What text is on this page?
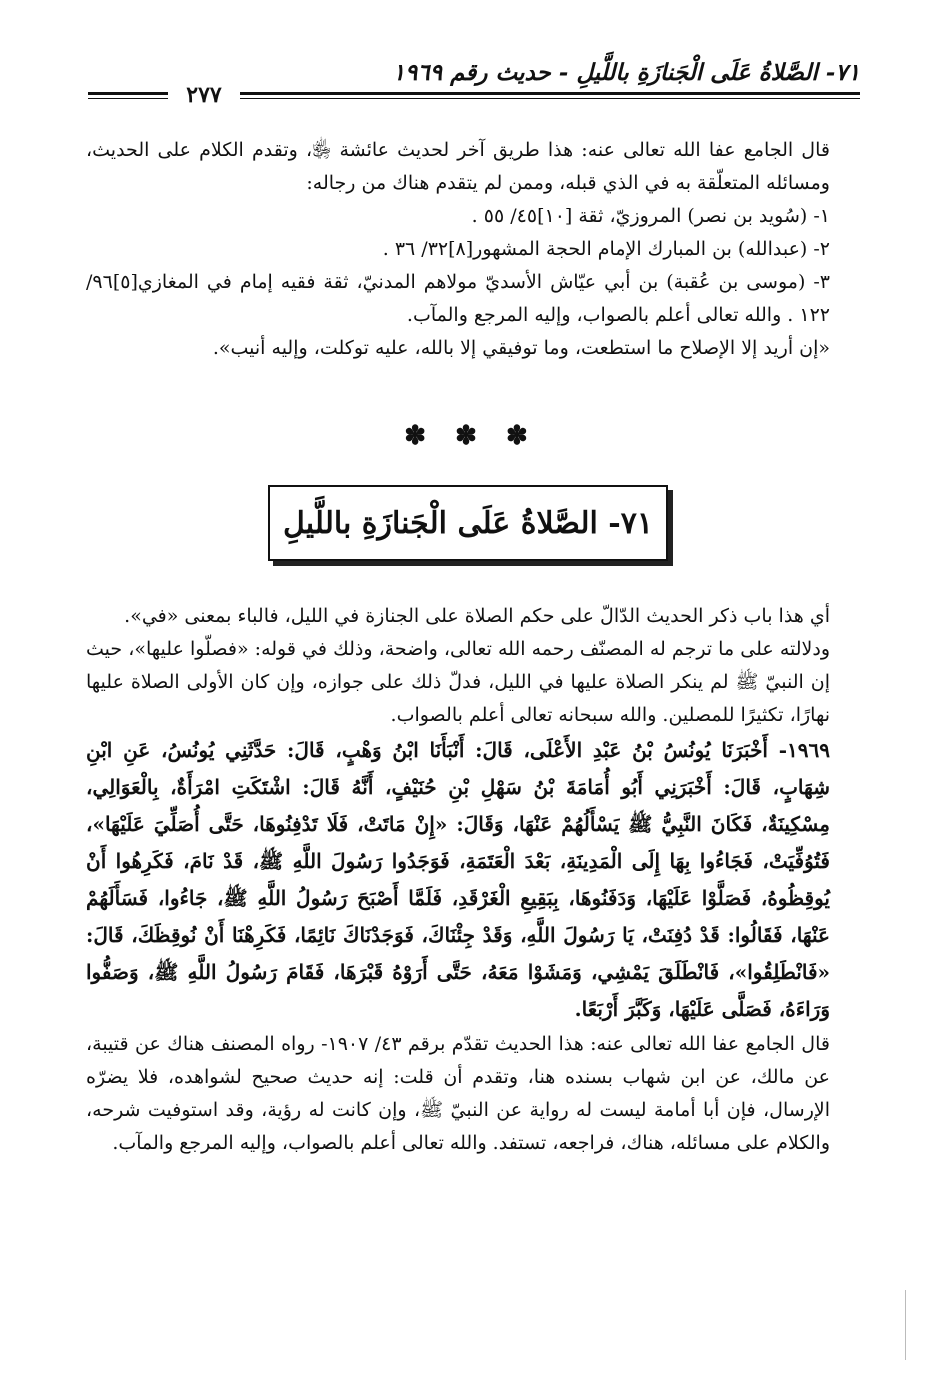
٧١- الصَّلاةُ عَلَى الْجَنازَةِ باللَّيلِ - حديث رقم ١٩٦٩
٢٧٧

قال الجامع عفا الله تعالى عنه: هذا طريق آخر لحديث عائشة ﵂، وتقدم الكلام على الحديث، ومسائله المتعلّقة به في الذي قبله، وممن لم يتقدم هناك من رجاله:

١- (سُويد بن نصر) المروزيّ، ثقة [١٠]٤٥/ ٥٥ .

٢- (عبدالله) بن المبارك الإمام الحجة المشهور[٨]٣٢/ ٣٦ .

٣- (موسى بن عُقبة) بن أبي عيّاش الأسديّ مولاهم المدنيّ، ثقة فقيه إمام في المغازي[٥]٩٦/ ١٢٢ . والله تعالى أعلم بالصواب، وإليه المرجع والمآب.

«إن أريد إلا الإصلاح ما استطعت، وما توفيقي إلا بالله، عليه توكلت، وإليه أنيب».

✽ ✽ ✽
٧١- الصَّلاةُ عَلَى الْجَنازَةِ باللَّيلِ

أي هذا باب ذكر الحديث الدّالّ على حكم الصلاة على الجنازة في الليل، فالباء بمعنى «في».

ودلالته على ما ترجم له المصنّف رحمه الله تعالى، واضحة، وذلك في قوله: «فصلّوا عليها»، حيث إن النبيّ ﷺ لم ينكر الصلاة عليها في الليل، فدلّ ذلك على جوازه، وإن كان الأولى الصلاة عليها نهارًا، تكثيرًا للمصلين. والله سبحانه تعالى أعلم بالصواب.

١٩٦٩- أَخْبَرَنَا يُونُسُ بْنُ عَبْدِ الأَعْلَى، قَالَ: أَنْبَأَنَا ابْنُ وَهْبٍ، قَالَ: حَدَّثَنِي يُونُسُ، عَنِ ابْنِ شِهَابٍ، قَالَ: أَخْبَرَنِي أَبُو أُمَامَةَ بْنُ سَهْلِ بْنِ حُنَيْفٍ، أَنَّهُ قَالَ: اشْتَكَتِ امْرَأَةٌ، بِالْعَوَالِي، مِسْكِينَةٌ، فَكَانَ النَّبِيُّ ﷺ يَسْأَلُهُمْ عَنْهَا، وَقَالَ: «إِنْ مَاتَتْ، فَلَا تَدْفِنُوهَا، حَتَّى أُصَلِّيَ عَلَيْهَا»، فَتُوُفِّيَتْ، فَجَاءُوا بِهَا إِلَى الْمَدِينَةِ، بَعْدَ الْعَتَمَةِ، فَوَجَدُوا رَسُولَ اللَّهِ ﷺ، قَدْ نَامَ، فَكَرِهُوا أَنْ يُوقِظُوهُ، فَصَلَّوْا عَلَيْهَا، وَدَفَنُوهَا، بِبَقِيعِ الْغَرْقَدِ، فَلَمَّا أَصْبَحَ رَسُولُ اللَّهِ ﷺ، جَاءُوا، فَسَأَلَهُمْ عَنْهَا، فَقَالُوا: قَدْ دُفِنَتْ، يَا رَسُولَ اللَّهِ، وَقَدْ جِئْنَاكَ، فَوَجَدْنَاكَ نَائِمًا، فَكَرِهْنَا أَنْ نُوقِظَكَ، قَالَ: «فَانْطَلِقُوا»، فَانْطَلَقَ يَمْشِي، وَمَشَوْا مَعَهُ، حَتَّى أَرَوْهُ قَبْرَهَا، فَقَامَ رَسُولُ اللَّهِ ﷺ، وَصَفُّوا وَرَاءَهُ، فَصَلَّى عَلَيْهَا، وَكَبَّرَ أَرْبَعًا.

قال الجامع عفا الله تعالى عنه: هذا الحديث تقدّم برقم ٤٣/ ١٩٠٧- رواه المصنف هناك عن قتيبة، عن مالك، عن ابن شهاب بسنده هنا، وتقدم أن قلت: إنه حديث صحيح لشواهده، فلا يضرّه الإرسال، فإن أبا أمامة ليست له رواية عن النبيّ ﷺ، وإن كانت له رؤية، وقد استوفيت شرحه، والكلام على مسائله، هناك، فراجعه، تستفد. والله تعالى أعلم بالصواب، وإليه المرجع والمآب.
